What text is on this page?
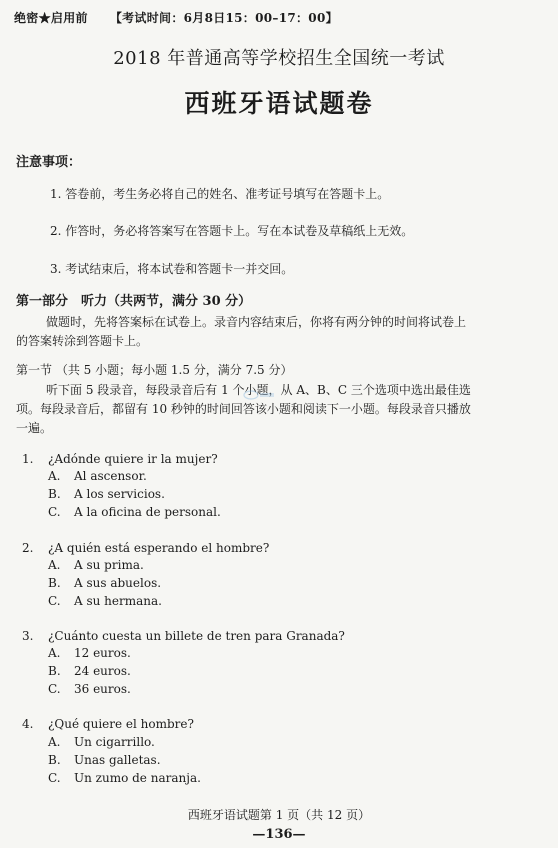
绝密★启用前 【考试时间：6月8日15：00–17：00】
2018 年普通高等学校招生全国统一考试
西班牙语试题卷
注意事项：
1. 答卷前，考生务必将自己的姓名、准考证号填写在答题卡上。
2. 作答时，务必将答案写在答题卡上。写在本试卷及草稿纸上无效。
3. 考试结束后，将本试卷和答题卡一并交回。
第一部分　听力（共两节，满分 30 分）
做题时，先将答案标在试卷上。录音内容结束后，你将有两分钟的时间将试卷上
的答案转涂到答题卡上。
第一节 （共 5 小题；每小题 1.5 分，满分 7.5 分）
听下面 5 段录音，每段录音后有 1 个小题，从 A、B、C 三个选项中选出最佳选
项。每段录音后，都留有 10 秒钟的时间回答该小题和阅读下一小题。每段录音只播放
一遍。
1. ¿Adónde quiere ir la mujer?
A. Al ascensor.
B. A los servicios.
C. A la oficina de personal.
2. ¿A quién está esperando el hombre?
A. A su prima.
B. A sus abuelos.
C. A su hermana.
3. ¿Cuánto cuesta un billete de tren para Granada?
A. 12 euros.
B. 24 euros.
C. 36 euros.
4. ¿Qué quiere el hombre?
A. Un cigarrillo.
B. Unas galletas.
C. Un zumo de naranja.
西班牙语试题第 1 页（共 12 页）
—136—
